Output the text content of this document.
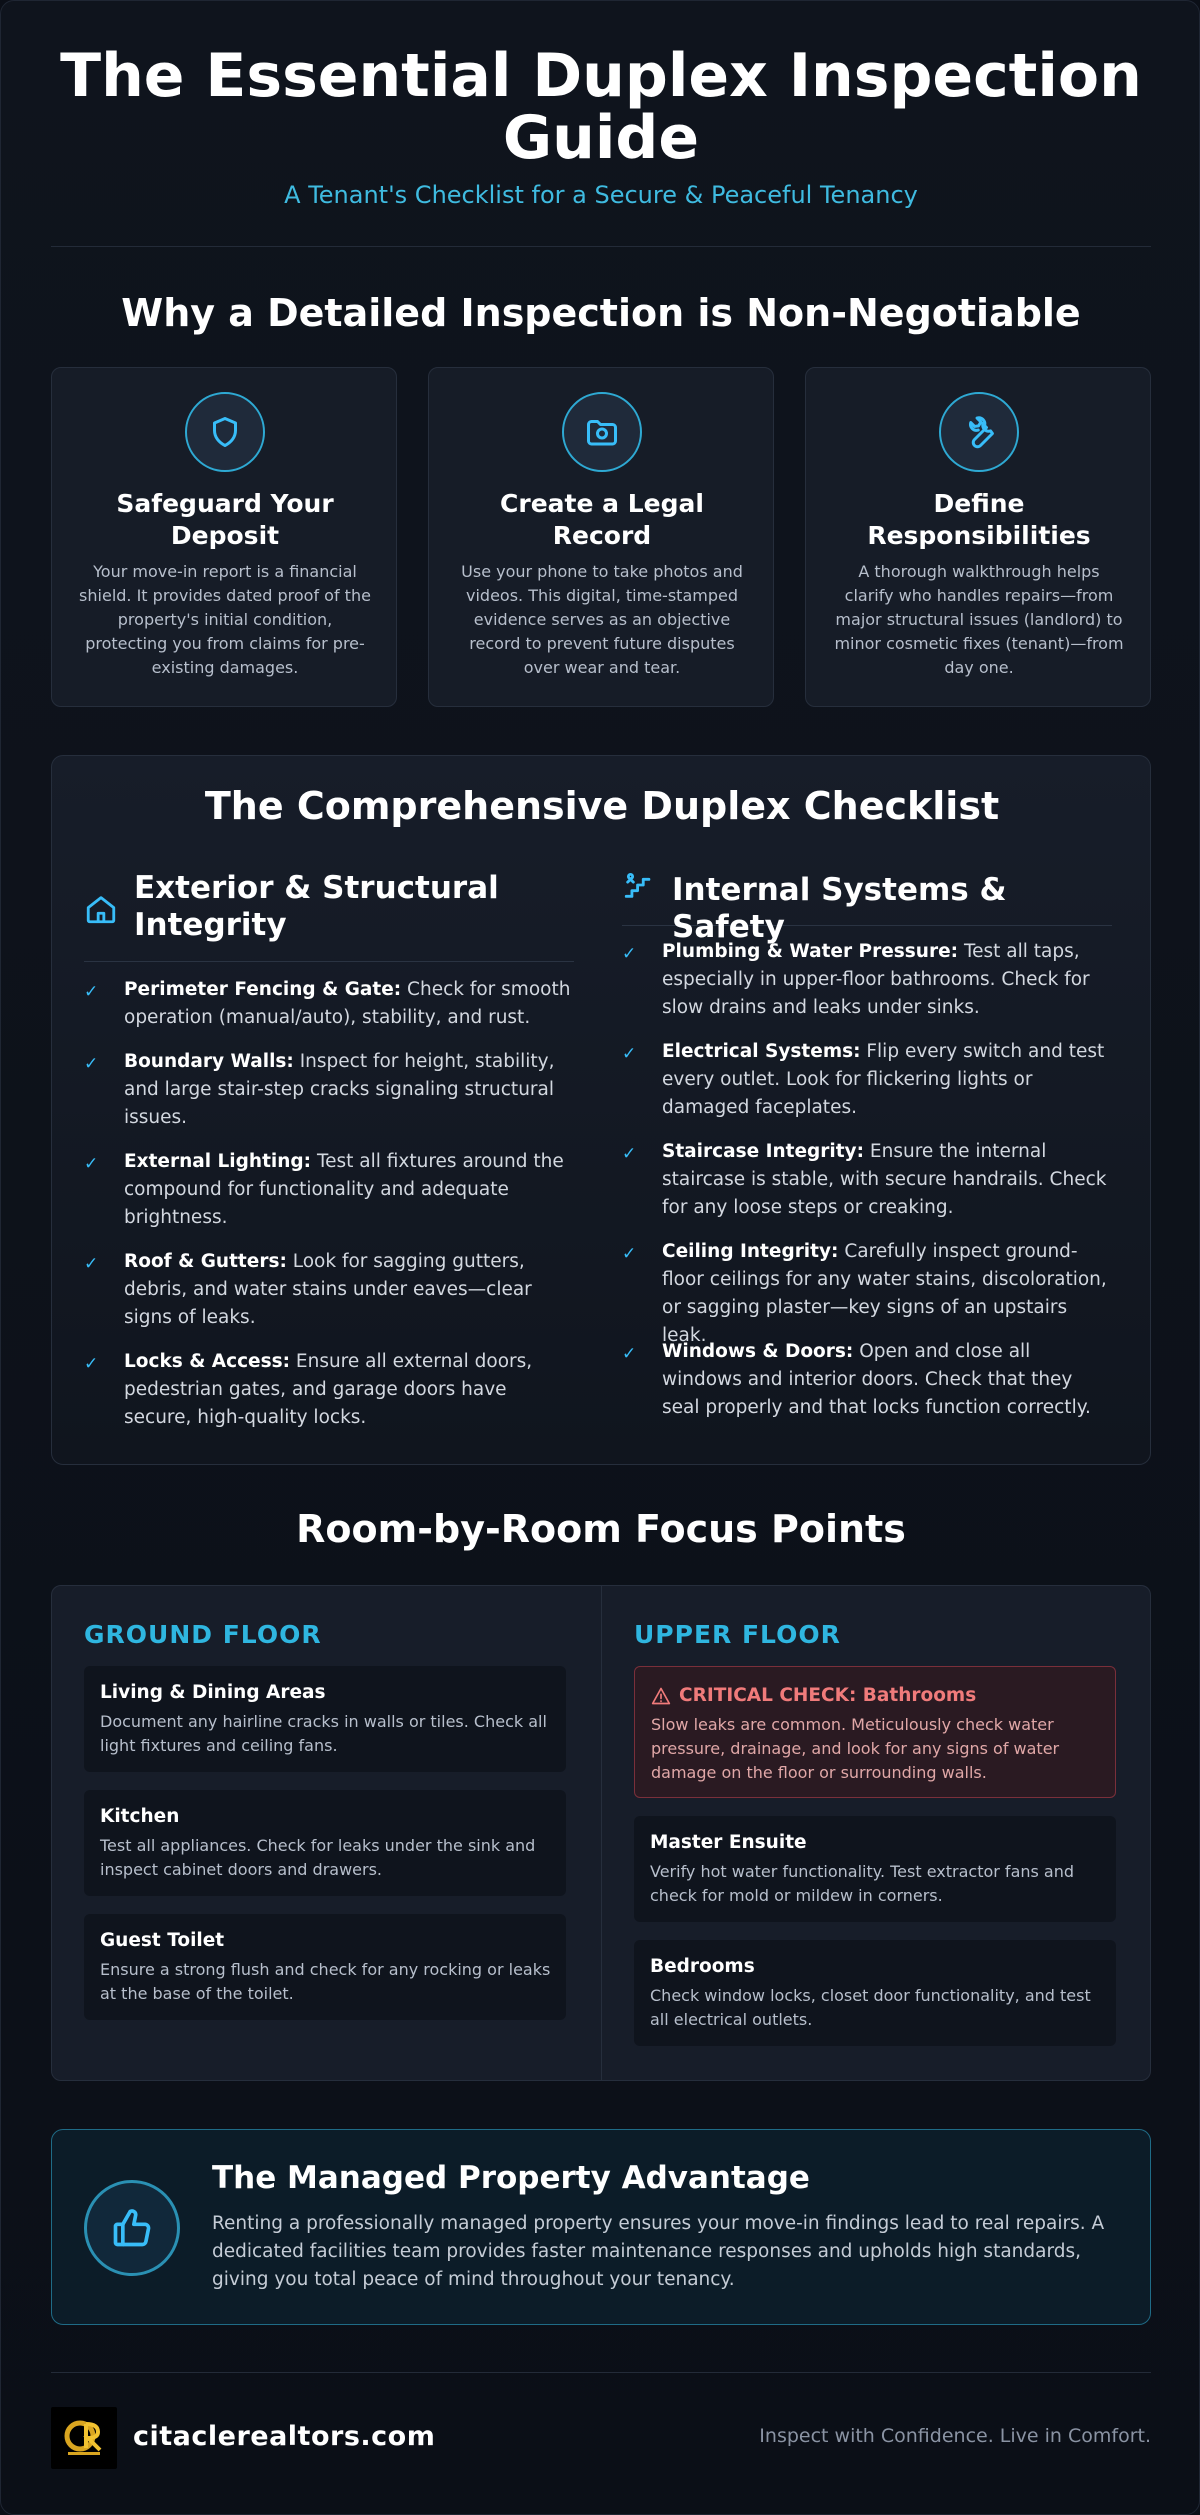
The Essential Duplex Inspection Guide
A Tenant's Checklist for a Secure & Peaceful Tenancy
Why a Detailed Inspection is Non-Negotiable
Safeguard Your Deposit
Your move-in report is a financial shield. It provides dated proof of the property's initial condition, protecting you from claims for pre-existing damages.
Create a Legal Record
Use your phone to take photos and videos. This digital, time-stamped evidence serves as an objective record to prevent future disputes over wear and tear.
Define Responsibilities
A thorough walkthrough helps clarify who handles repairs—from major structural issues (landlord) to minor cosmetic fixes (tenant)—from day one.
The Comprehensive Duplex Checklist
Exterior & Structural Integrity
✓ Perimeter Fencing & Gate: Check for smooth operation (manual/auto), stability, and rust.
✓ Boundary Walls: Inspect for height, stability, and large stair-step cracks signaling structural issues.
✓ External Lighting: Test all fixtures around the compound for functionality and adequate brightness.
✓ Roof & Gutters: Look for sagging gutters, debris, and water stains under eaves—clear signs of leaks.
✓ Locks & Access: Ensure all external doors, pedestrian gates, and garage doors have secure, high-quality locks.
Internal Systems & Safety
✓ Plumbing & Water Pressure: Test all taps, especially in upper-floor bathrooms. Check for slow drains and leaks under sinks.
✓ Electrical Systems: Flip every switch and test every outlet. Look for flickering lights or damaged faceplates.
✓ Staircase Integrity: Ensure the internal staircase is stable, with secure handrails. Check for any loose steps or creaking.
✓ Ceiling Integrity: Carefully inspect ground-floor ceilings for any water stains, discoloration, or sagging plaster—key signs of an upstairs leak.
✓ Windows & Doors: Open and close all windows and interior doors. Check that they seal properly and that locks function correctly.
Room-by-Room Focus Points
GROUND FLOOR
Living & Dining Areas
Document any hairline cracks in walls or tiles. Check all light fixtures and ceiling fans.
Kitchen
Test all appliances. Check for leaks under the sink and inspect cabinet doors and drawers.
Guest Toilet
Ensure a strong flush and check for any rocking or leaks at the base of the toilet.
UPPER FLOOR
CRITICAL CHECK: Bathrooms
Slow leaks are common. Meticulously check water pressure, drainage, and look for any signs of water damage on the floor or surrounding walls.
Master Ensuite
Verify hot water functionality. Test extractor fans and check for mold or mildew in corners.
Bedrooms
Check window locks, closet door functionality, and test all electrical outlets.
The Managed Property Advantage
Renting a professionally managed property ensures your move-in findings lead to real repairs. A dedicated facilities team provides faster maintenance responses and upholds high standards, giving you total peace of mind throughout your tenancy.
citaclerealtors.com	Inspect with Confidence. Live in Comfort.
